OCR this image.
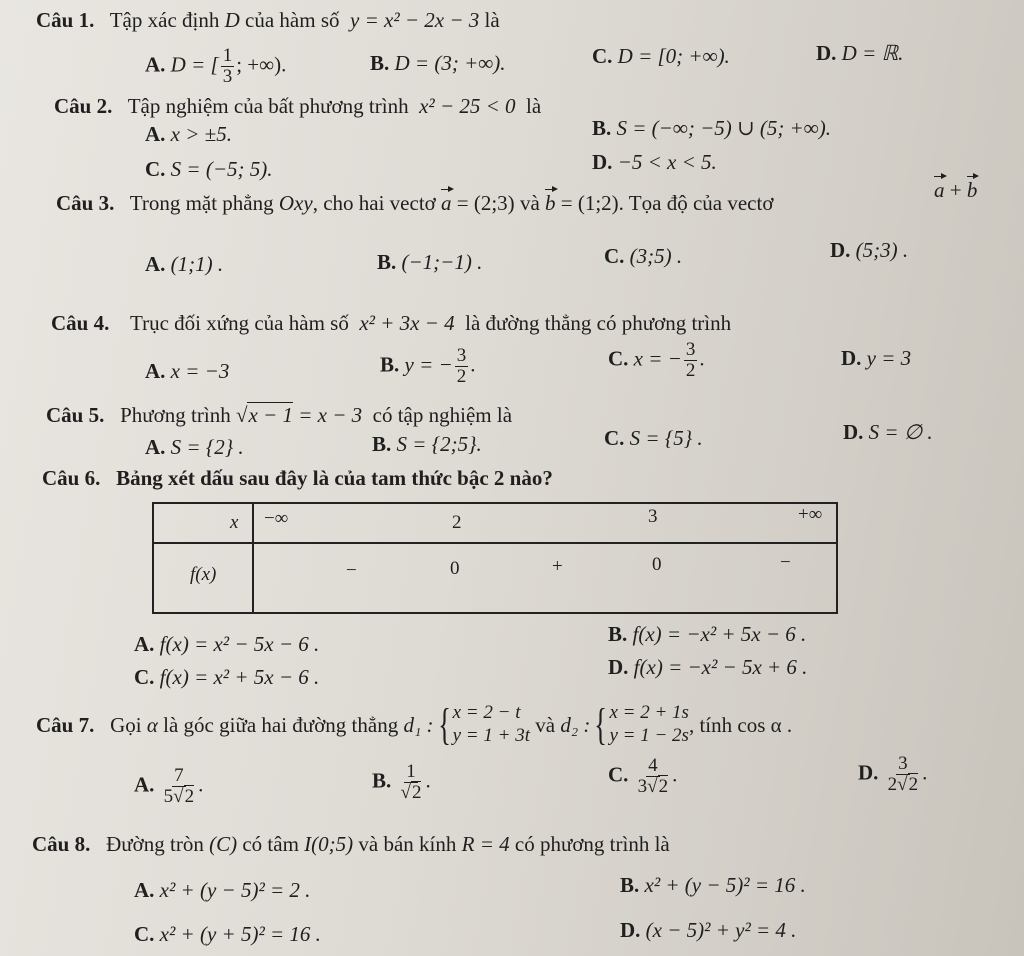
Câu 1. Tập xác định D của hàm số y = x² − 2x − 3 là
A. D = [ $\frac{1}{3}$ ; +∞).	B. D = (3; +∞).	C. D = [0; +∞).	D. D = ℝ.
Câu 2. Tập nghiệm của bất phương trình x² − 25 < 0 là
A. x > ±5.	B. S = (−∞; −5) ∪ (5; +∞).
C. S = (−5; 5).	D. −5 < x < 5.
Câu 3. Trong mặt phẳng Oxy, cho hai vectơ a = (2;3) và b = (1;2). Tọa độ của vectơ
a + b
A. (1;1) .	B. (−1;−1) .	C. (3;5) .	D. (5;3) .
Câu 4. Trục đối xứng của hàm số x² + 3x − 4 là đường thẳng có phương trình
A. x = −3	B. y = − $\frac{3}{2}$ .	C. x = − $\frac{3}{2}$ .	D. y = 3
Câu 5. Phương trình √x − 1 = x − 3 có tập nghiệm là
A. S = {2} .	B. S = {2;5}.	C. S = {5} .	D. S = ∅ .
Câu 6. Bảng xét dấu sau đây là của tam thức bậc 2 nào?
x	−∞ 2 3 +∞

f(x)	− 0 + 0 −
A. f(x) = x² − 5x − 6 .	B. f(x) = −x² + 5x − 6 .
C. f(x) = x² + 5x − 6 .	D. f(x) = −x² − 5x + 6 .
Câu 7.
Gọi
α
là góc giữa hai đường thẳng
d₁ : { x = 2 − t
y = 1 + 3t
và
d₂ : { x = 2 + 1s
y = 1 − 2s , tính cos α .
A. $\frac{7}{5√2}$ .	B. $\frac{1}{√2}$ .	C. $\frac{4}{3√2}$ .	D. $\frac{3}{2√2}$ .
Câu 8. Đường tròn (C) có tâm I(0;5) và bán kính R = 4 có phương trình là
A. x² + (y − 5)² = 2 .	B. x² + (y − 5)² = 16 .
C. x² + (y + 5)² = 16 .	D. (x − 5)² + y² = 4 .
